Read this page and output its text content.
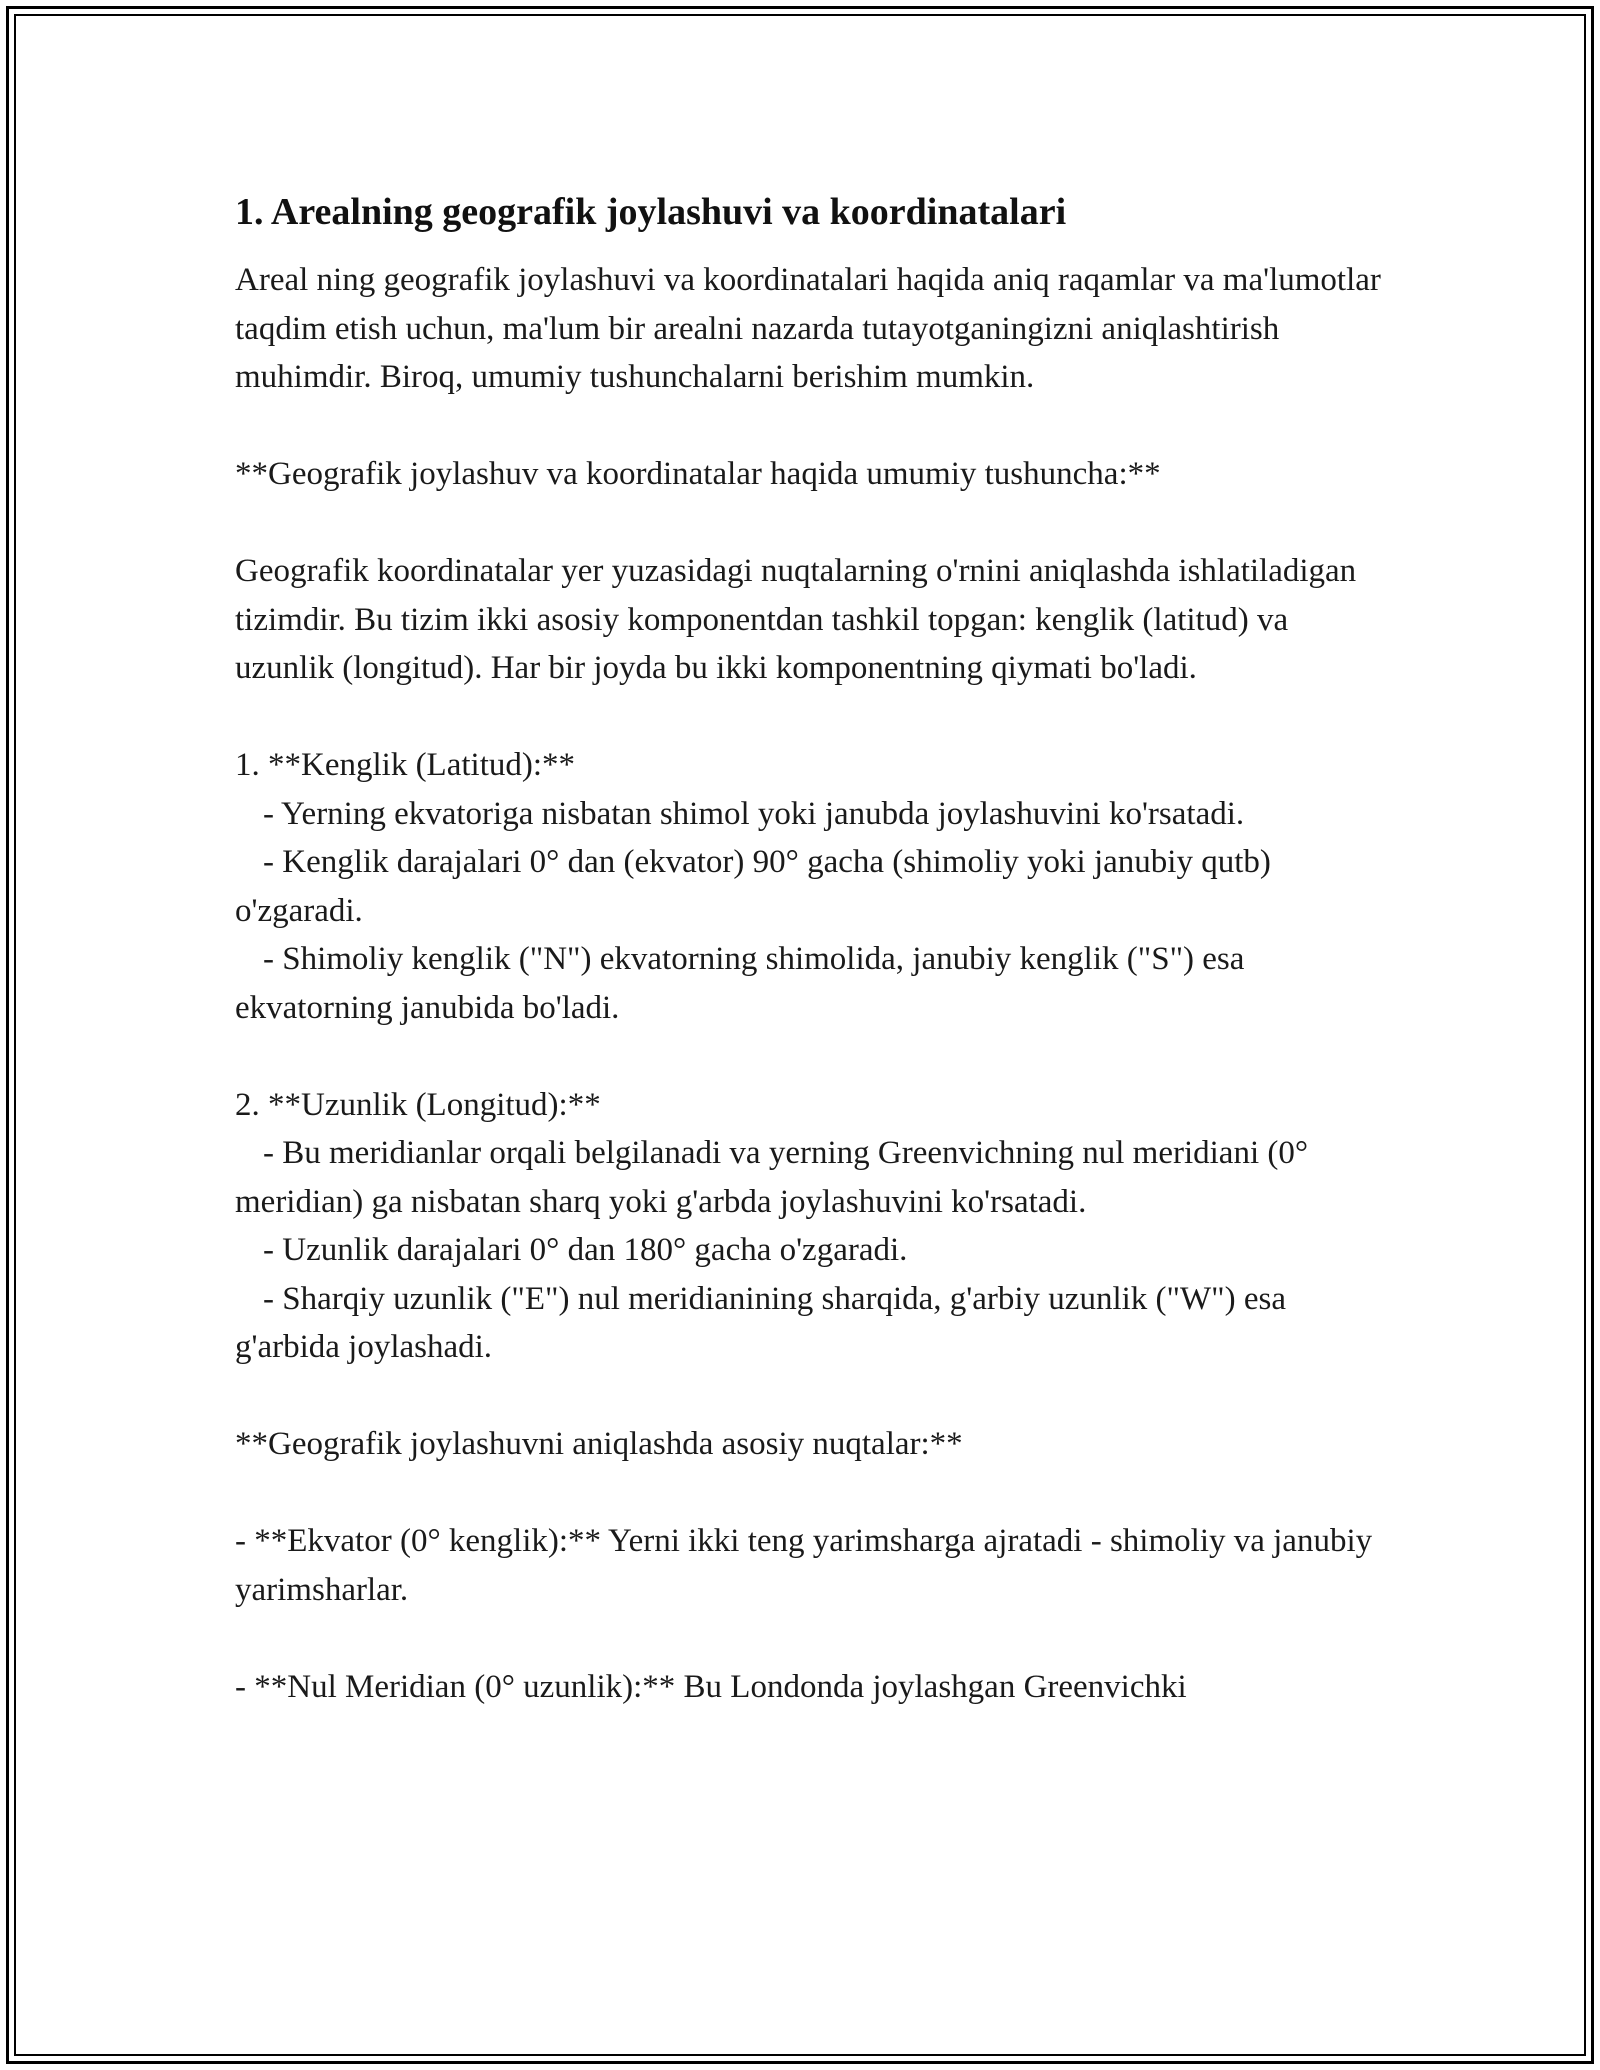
1. Arealning geografik joylashuvi va koordinatalari

Areal ning geografik joylashuvi va koordinatalari haqida aniq raqamlar va ma'lumotlar taqdim etish uchun, ma'lum bir arealni nazarda tutayotganingizni aniqlashtirish muhimdir. Biroq, umumiy tushunchalarni berishim mumkin.

**Geografik joylashuv va koordinatalar haqida umumiy tushuncha:**

Geografik koordinatalar yer yuzasidagi nuqtalarning o'rnini aniqlashda ishlatiladigan tizimdir. Bu tizim ikki asosiy komponentdan tashkil topgan: kenglik (latitud) va uzunlik (longitud). Har bir joyda bu ikki komponentning qiymati bo'ladi.

1. **Kenglik (Latitud):**

- Yerning ekvatoriga nisbatan shimol yoki janubda joylashuvini ko'rsatadi.

- Kenglik darajalari 0° dan (ekvator) 90° gacha (shimoliy yoki janubiy qutb) o'zgaradi.

- Shimoliy kenglik ("N") ekvatorning shimolida, janubiy kenglik ("S") esa ekvatorning janubida bo'ladi.

2. **Uzunlik (Longitud):**

- Bu meridianlar orqali belgilanadi va yerning Greenvichning nul meridiani (0° meridian) ga nisbatan sharq yoki g'arbda joylashuvini ko'rsatadi.

- Uzunlik darajalari 0° dan 180° gacha o'zgaradi.

- Sharqiy uzunlik ("E") nul meridianining sharqida, g'arbiy uzunlik ("W") esa g'arbida joylashadi.

**Geografik joylashuvni aniqlashda asosiy nuqtalar:**

- **Ekvator (0° kenglik):** Yerni ikki teng yarimsharga ajratadi - shimoliy va janubiy yarimsharlar.

- **Nul Meridian (0° uzunlik):** Bu Londonda joylashgan Greenvichki
